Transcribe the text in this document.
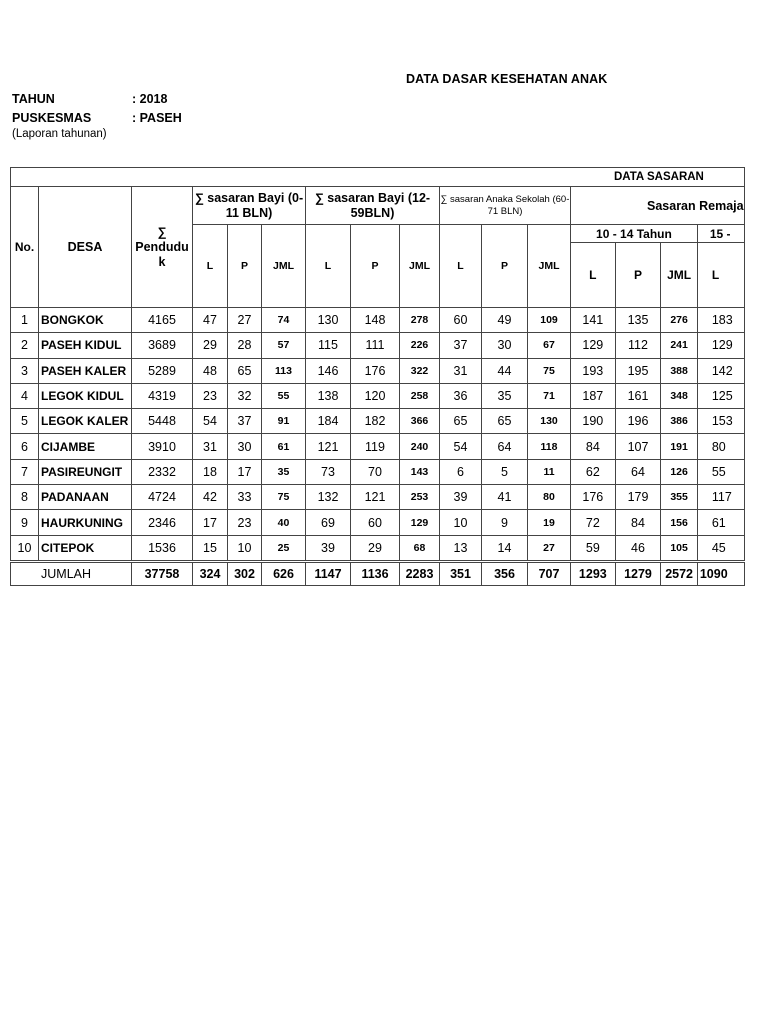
DATA DASAR KESEHATAN ANAK
TAHUN	: 2018
PUSKESMAS	: PASEH
(Laporan tahunan)
DATA SASARAN															
No.	DESA	∑ Pendudu k	∑ sasaran Bayi (0-11 BLN)			∑ sasaran Bayi (12-59BLN)			∑ sasaran Anaka Sekolah (60-71 BLN)			Sasaran Remaja			
			L	P	JML	L	P	JML	L	P	JML	10 - 14 Tahun			15 -
												L	P	JML	L
1	BONGKOK	4165	47	27	74	130	148	278	60	49	109	141	135	276	183
2	PASEH KIDUL	3689	29	28	57	115	111	226	37	30	67	129	112	241	129
3	PASEH KALER	5289	48	65	113	146	176	322	31	44	75	193	195	388	142
4	LEGOK KIDUL	4319	23	32	55	138	120	258	36	35	71	187	161	348	125
5	LEGOK KALER	5448	54	37	91	184	182	366	65	65	130	190	196	386	153
6	CIJAMBE	3910	31	30	61	121	119	240	54	64	118	84	107	191	80
7	PASIREUNGIT	2332	18	17	35	73	70	143	6	5	11	62	64	126	55
8	PADANAAN	4724	42	33	75	132	121	253	39	41	80	176	179	355	117
9	HAURKUNING	2346	17	23	40	69	60	129	10	9	19	72	84	156	61
10	CITEPOK	1536	15	10	25	39	29	68	13	14	27	59	46	105	45
JUMLAH		37758	324	302	626	1147	1136	2283	351	356	707	1293	1279	2572	1090
